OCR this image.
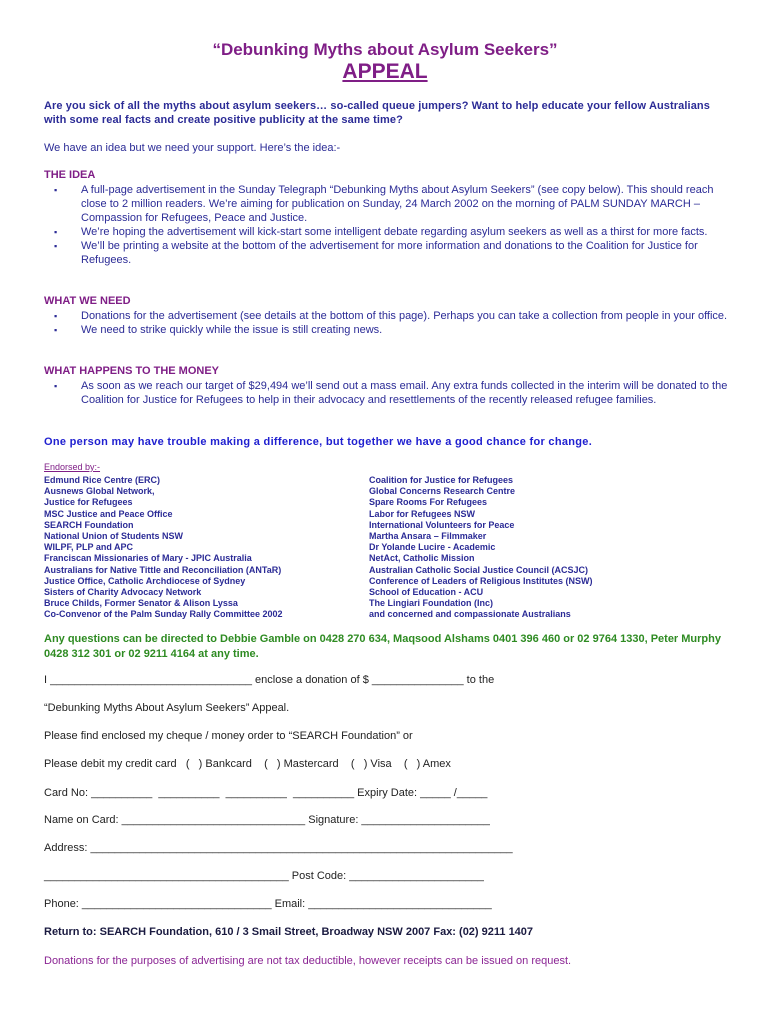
“Debunking Myths about Asylum Seekers”
APPEAL
Are you sick of all the myths about asylum seekers… so-called queue jumpers? Want to help educate your fellow Australians with some real facts and create positive publicity at the same time?
We have an idea but we need your support. Here’s the idea:-
THE IDEA
▪ A full-page advertisement in the Sunday Telegraph “Debunking Myths about Asylum Seekers” (see copy below). This should reach close to 2 million readers. We’re aiming for publication on Sunday, 24 March 2002 on the morning of PALM SUNDAY MARCH – Compassion for Refugees, Peace and Justice.
▪ We’re hoping the advertisement will kick-start some intelligent debate regarding asylum seekers as well as a thirst for more facts.
▪ We’ll be printing a website at the bottom of the advertisement for more information and donations to the Coalition for Justice for Refugees.
WHAT WE NEED
▪ Donations for the advertisement (see details at the bottom of this page). Perhaps you can take a collection from people in your office.
▪ We need to strike quickly while the issue is still creating news.
WHAT HAPPENS TO THE MONEY
▪ As soon as we reach our target of $29,494 we’ll send out a mass email. Any extra funds collected in the interim will be donated to the Coalition for Justice for Refugees to help in their advocacy and resettlements of the recently released refugee families.
One person may have trouble making a difference, but together we have a good chance for change.
Endorsed by:-
Edmund Rice Centre (ERC)
Ausnews Global Network,
Justice for Refugees
MSC Justice and Peace Office
SEARCH Foundation
National Union of Students NSW
WILPF, PLP and APC
Franciscan Missionaries of Mary - JPIC Australia
Australians for Native Tittle and Reconciliation (ANTaR)
Justice Office, Catholic Archdiocese of Sydney
Sisters of Charity Advocacy Network
Bruce Childs, Former Senator & Alison Lyssa
Co-Convenor of the Palm Sunday Rally Committee 2002
Coalition for Justice for Refugees
Global Concerns Research Centre
Spare Rooms For Refugees
Labor for Refugees NSW
International Volunteers for Peace
Martha Ansara – Filmmaker
Dr Yolande Lucire - Academic
NetAct, Catholic Mission
Australian Catholic Social Justice Council (ACSJC)
Conference of Leaders of Religious Institutes (NSW)
School of Education - ACU
The Lingiari Foundation (Inc)
and concerned and compassionate Australians
Any questions can be directed to Debbie Gamble on 0428 270 634, Maqsood Alshams 0401 396 460 or 02 9764 1330, Peter Murphy 0428 312 301 or 02 9211 4164 at any time.
I _________________________________ enclose a donation of $ _______________ to the
“Debunking Myths About Asylum Seekers” Appeal.
Please find enclosed my cheque / money order to “SEARCH Foundation” or
Please debit my credit card   (   ) Bankcard    (   ) Mastercard    (   ) Visa    (   ) Amex
Card No: __________  __________  __________  __________ Expiry Date: _____ /_____
Name on Card: ______________________________ Signature: _____________________
Address: _____________________________________________________________________
________________________________________ Post Code: ______________________
Phone: _______________________________ Email: ______________________________
Return to: SEARCH Foundation, 610 / 3 Smail Street, Broadway NSW 2007 Fax: (02) 9211 1407
Donations for the purposes of advertising are not tax deductible, however receipts can be issued on request.
